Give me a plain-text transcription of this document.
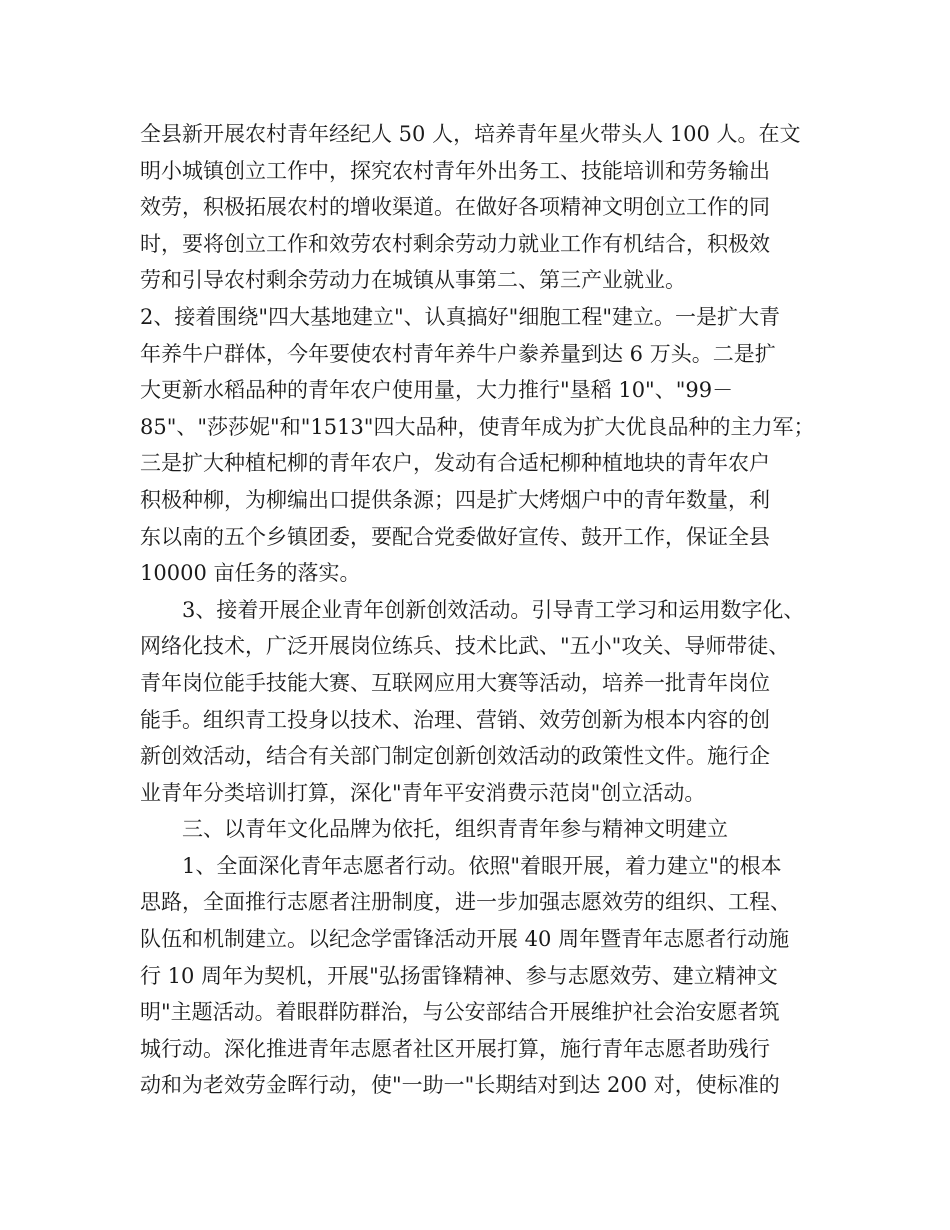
全县新开展农村青年经纪人 50 人，培养青年星火带头人 100 人。在文
明小城镇创立工作中，探究农村青年外出务工、技能培训和劳务输出
效劳，积极拓展农村的增收渠道。在做好各项精神文明创立工作的同
时，要将创立工作和效劳农村剩余劳动力就业工作有机结合，积极效
劳和引导农村剩余劳动力在城镇从事第二、第三产业就业。
2、接着围绕"四大基地建立"、认真搞好"细胞工程"建立。一是扩大青
年养牛户群体，今年要使农村青年养牛户豢养量到达 6 万头。二是扩
大更新水稻品种的青年农户使用量，大力推行"垦稻 10"、"99－
85"、"莎莎妮"和"1513"四大品种，使青年成为扩大优良品种的主力军；
三是扩大种植杞柳的青年农户，发动有合适杞柳种植地块的青年农户
积极种柳，为柳编出口提供条源；四是扩大烤烟户中的青年数量，利
东以南的五个乡镇团委，要配合党委做好宣传、鼓开工作，保证全县
10000 亩任务的落实。
3、接着开展企业青年创新创效活动。引导青工学习和运用数字化、
网络化技术，广泛开展岗位练兵、技术比武、"五小"攻关、导师带徒、
青年岗位能手技能大赛、互联网应用大赛等活动，培养一批青年岗位
能手。组织青工投身以技术、治理、营销、效劳创新为根本内容的创
新创效活动，结合有关部门制定创新创效活动的政策性文件。施行企
业青年分类培训打算，深化"青年平安消费示范岗"创立活动。
三、以青年文化品牌为依托，组织青青年参与精神文明建立
1、全面深化青年志愿者行动。依照"着眼开展，着力建立"的根本
思路，全面推行志愿者注册制度，进一步加强志愿效劳的组织、工程、
队伍和机制建立。以纪念学雷锋活动开展 40 周年暨青年志愿者行动施
行 10 周年为契机，开展"弘扬雷锋精神、参与志愿效劳、建立精神文
明"主题活动。着眼群防群治，与公安部结合开展维护社会治安愿者筑
城行动。深化推进青年志愿者社区开展打算，施行青年志愿者助残行
动和为老效劳金晖行动，使"一助一"长期结对到达 200 对，使标准的
